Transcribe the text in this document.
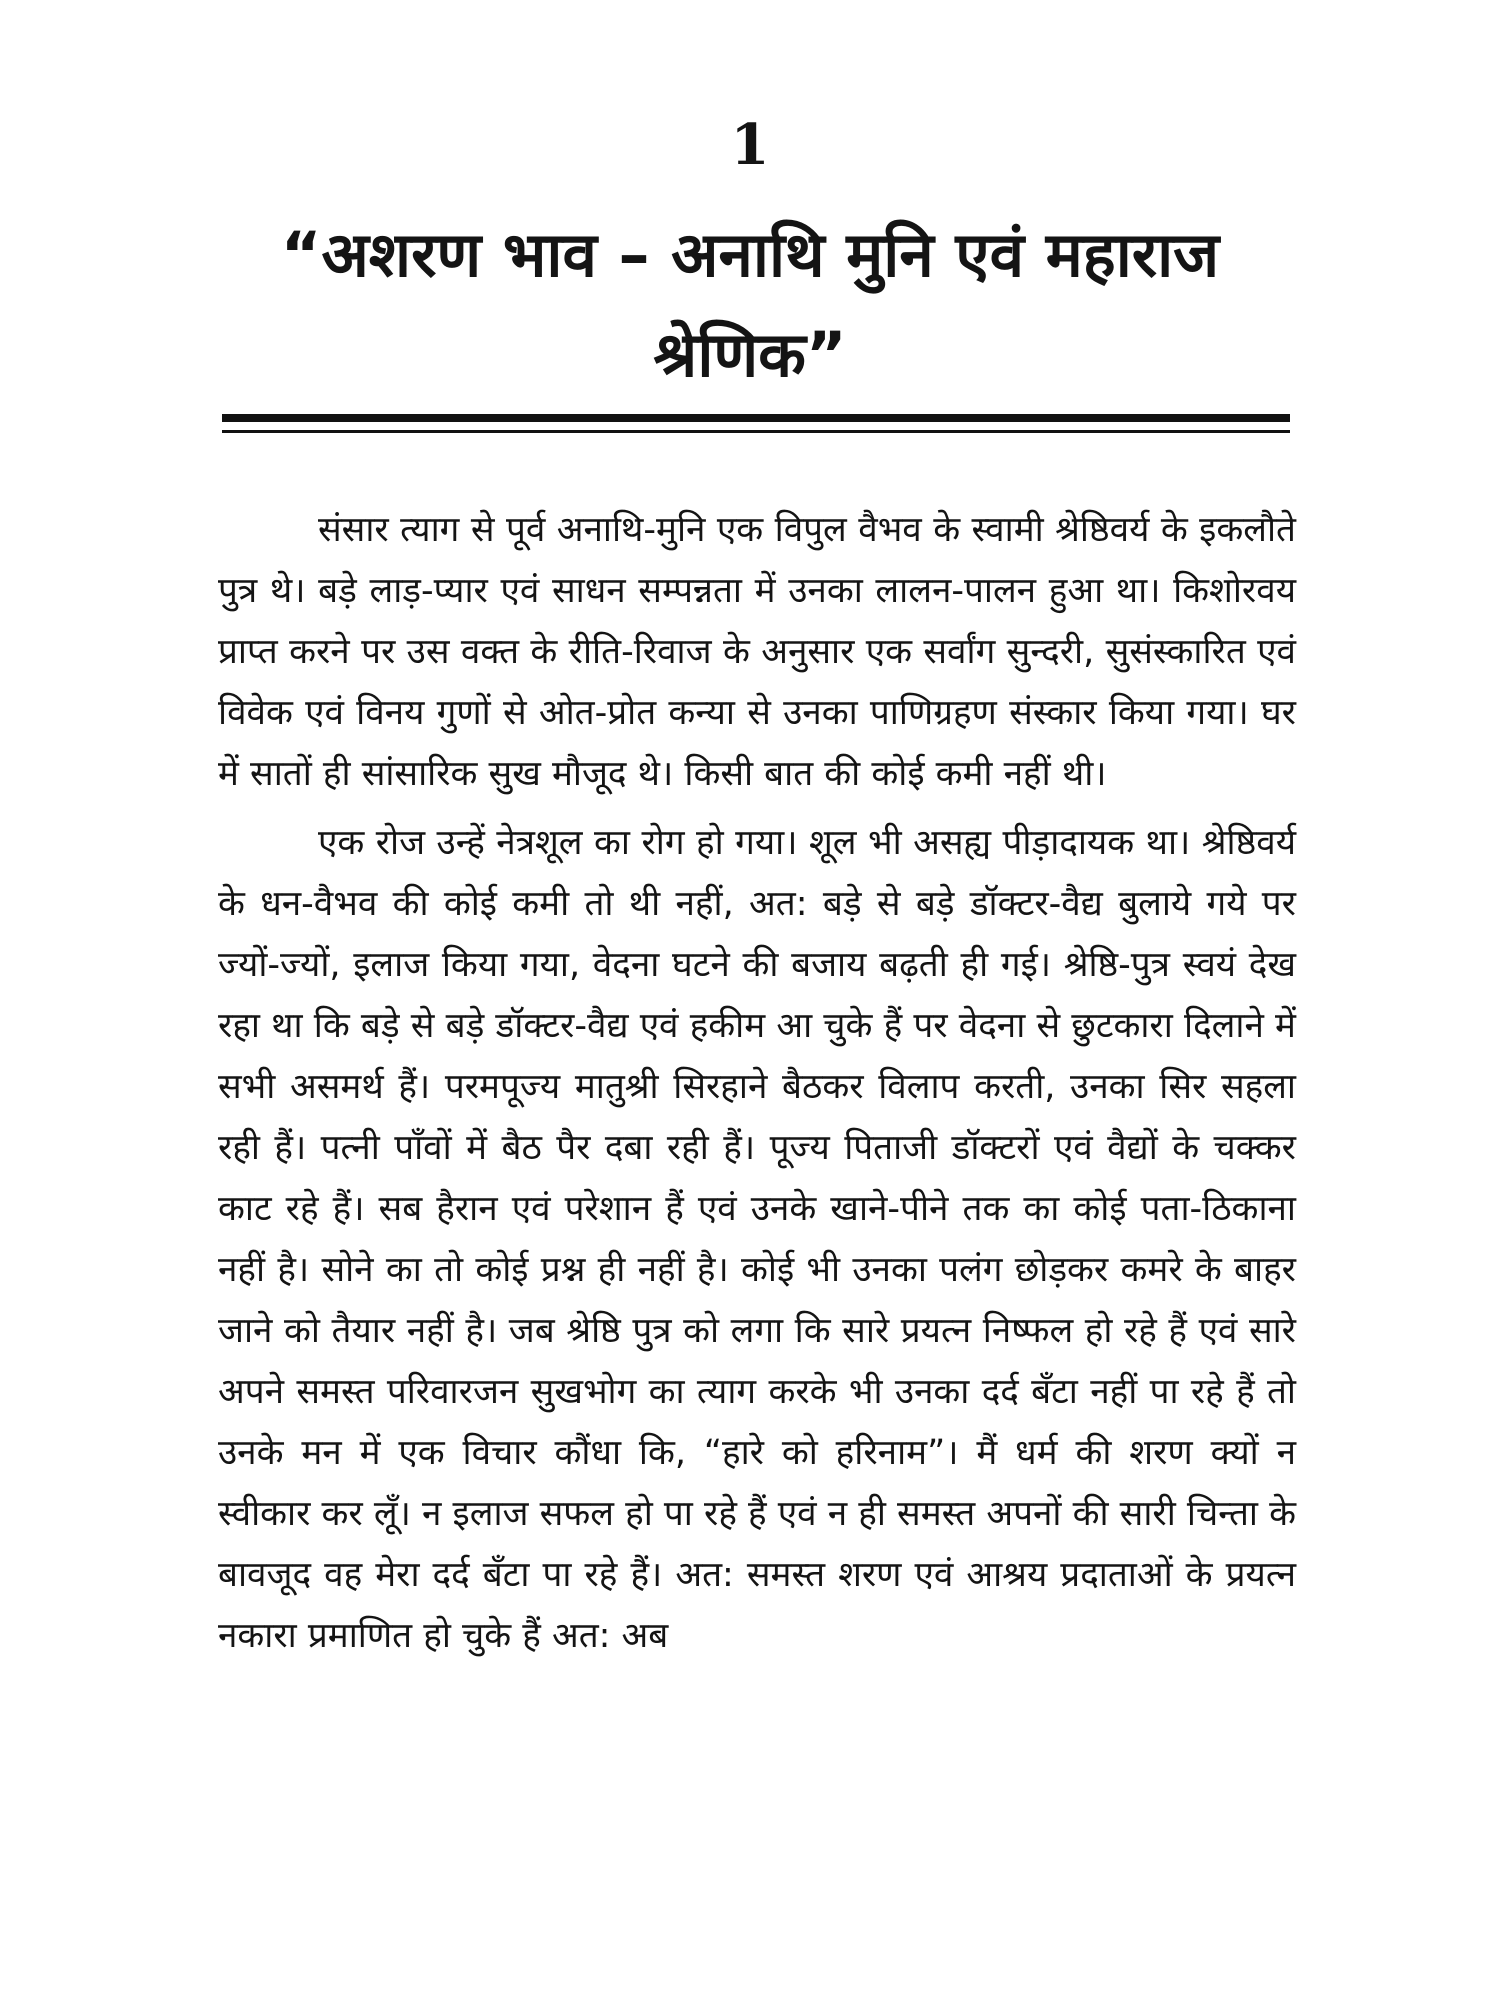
1
“अशरण भाव – अनाथि मुनि एवं महाराज श्रेणिक”

संसार त्याग से पूर्व अनाथि-मुनि एक विपुल वैभव के स्वामी श्रेष्ठिवर्य के इकलौते पुत्र थे। बड़े लाड़-प्यार एवं साधन सम्पन्नता में उनका लालन-पालन हुआ था। किशोरवय प्राप्त करने पर उस वक्त के रीति-रिवाज के अनुसार एक सर्वांग सुन्दरी, सुसंस्कारित एवं विवेक एवं विनय गुणों से ओत-प्रोत कन्या से उनका पाणिग्रहण संस्कार किया गया। घर में सातों ही सांसारिक सुख मौजूद थे। किसी बात की कोई कमी नहीं थी।

एक रोज उन्हें नेत्रशूल का रोग हो गया। शूल भी असह्य पीड़ादायक था। श्रेष्ठिवर्य के धन-वैभव की कोई कमी तो थी नहीं, अत: बड़े से बड़े डॉक्टर-वैद्य बुलाये गये पर ज्यों-ज्यों, इलाज किया गया, वेदना घटने की बजाय बढ़ती ही गई। श्रेष्ठि-पुत्र स्वयं देख रहा था कि बड़े से बड़े डॉक्टर-वैद्य एवं हकीम आ चुके हैं पर वेदना से छुटकारा दिलाने में सभी असमर्थ हैं। परमपूज्य मातुश्री सिरहाने बैठकर विलाप करती, उनका सिर सहला रही हैं। पत्नी पाँवों में बैठ पैर दबा रही हैं। पूज्य पिताजी डॉक्टरों एवं वैद्यों के चक्कर काट रहे हैं। सब हैरान एवं परेशान हैं एवं उनके खाने-पीने तक का कोई पता-ठिकाना नहीं है। सोने का तो कोई प्रश्न ही नहीं है। कोई भी उनका पलंग छोड़कर कमरे के बाहर जाने को तैयार नहीं है। जब श्रेष्ठि पुत्र को लगा कि सारे प्रयत्न निष्फल हो रहे हैं एवं सारे अपने समस्त परिवारजन सुखभोग का त्याग करके भी उनका दर्द बँटा नहीं पा रहे हैं तो उनके मन में एक विचार कौंधा कि, “हारे को हरिनाम”। मैं धर्म की शरण क्यों न स्वीकार कर लूँ। न इलाज सफल हो पा रहे हैं एवं न ही समस्त अपनों की सारी चिन्ता के बावजूद वह मेरा दर्द बँटा पा रहे हैं। अत: समस्त शरण एवं आश्रय प्रदाताओं के प्रयत्न नकारा प्रमाणित हो चुके हैं अत: अब
